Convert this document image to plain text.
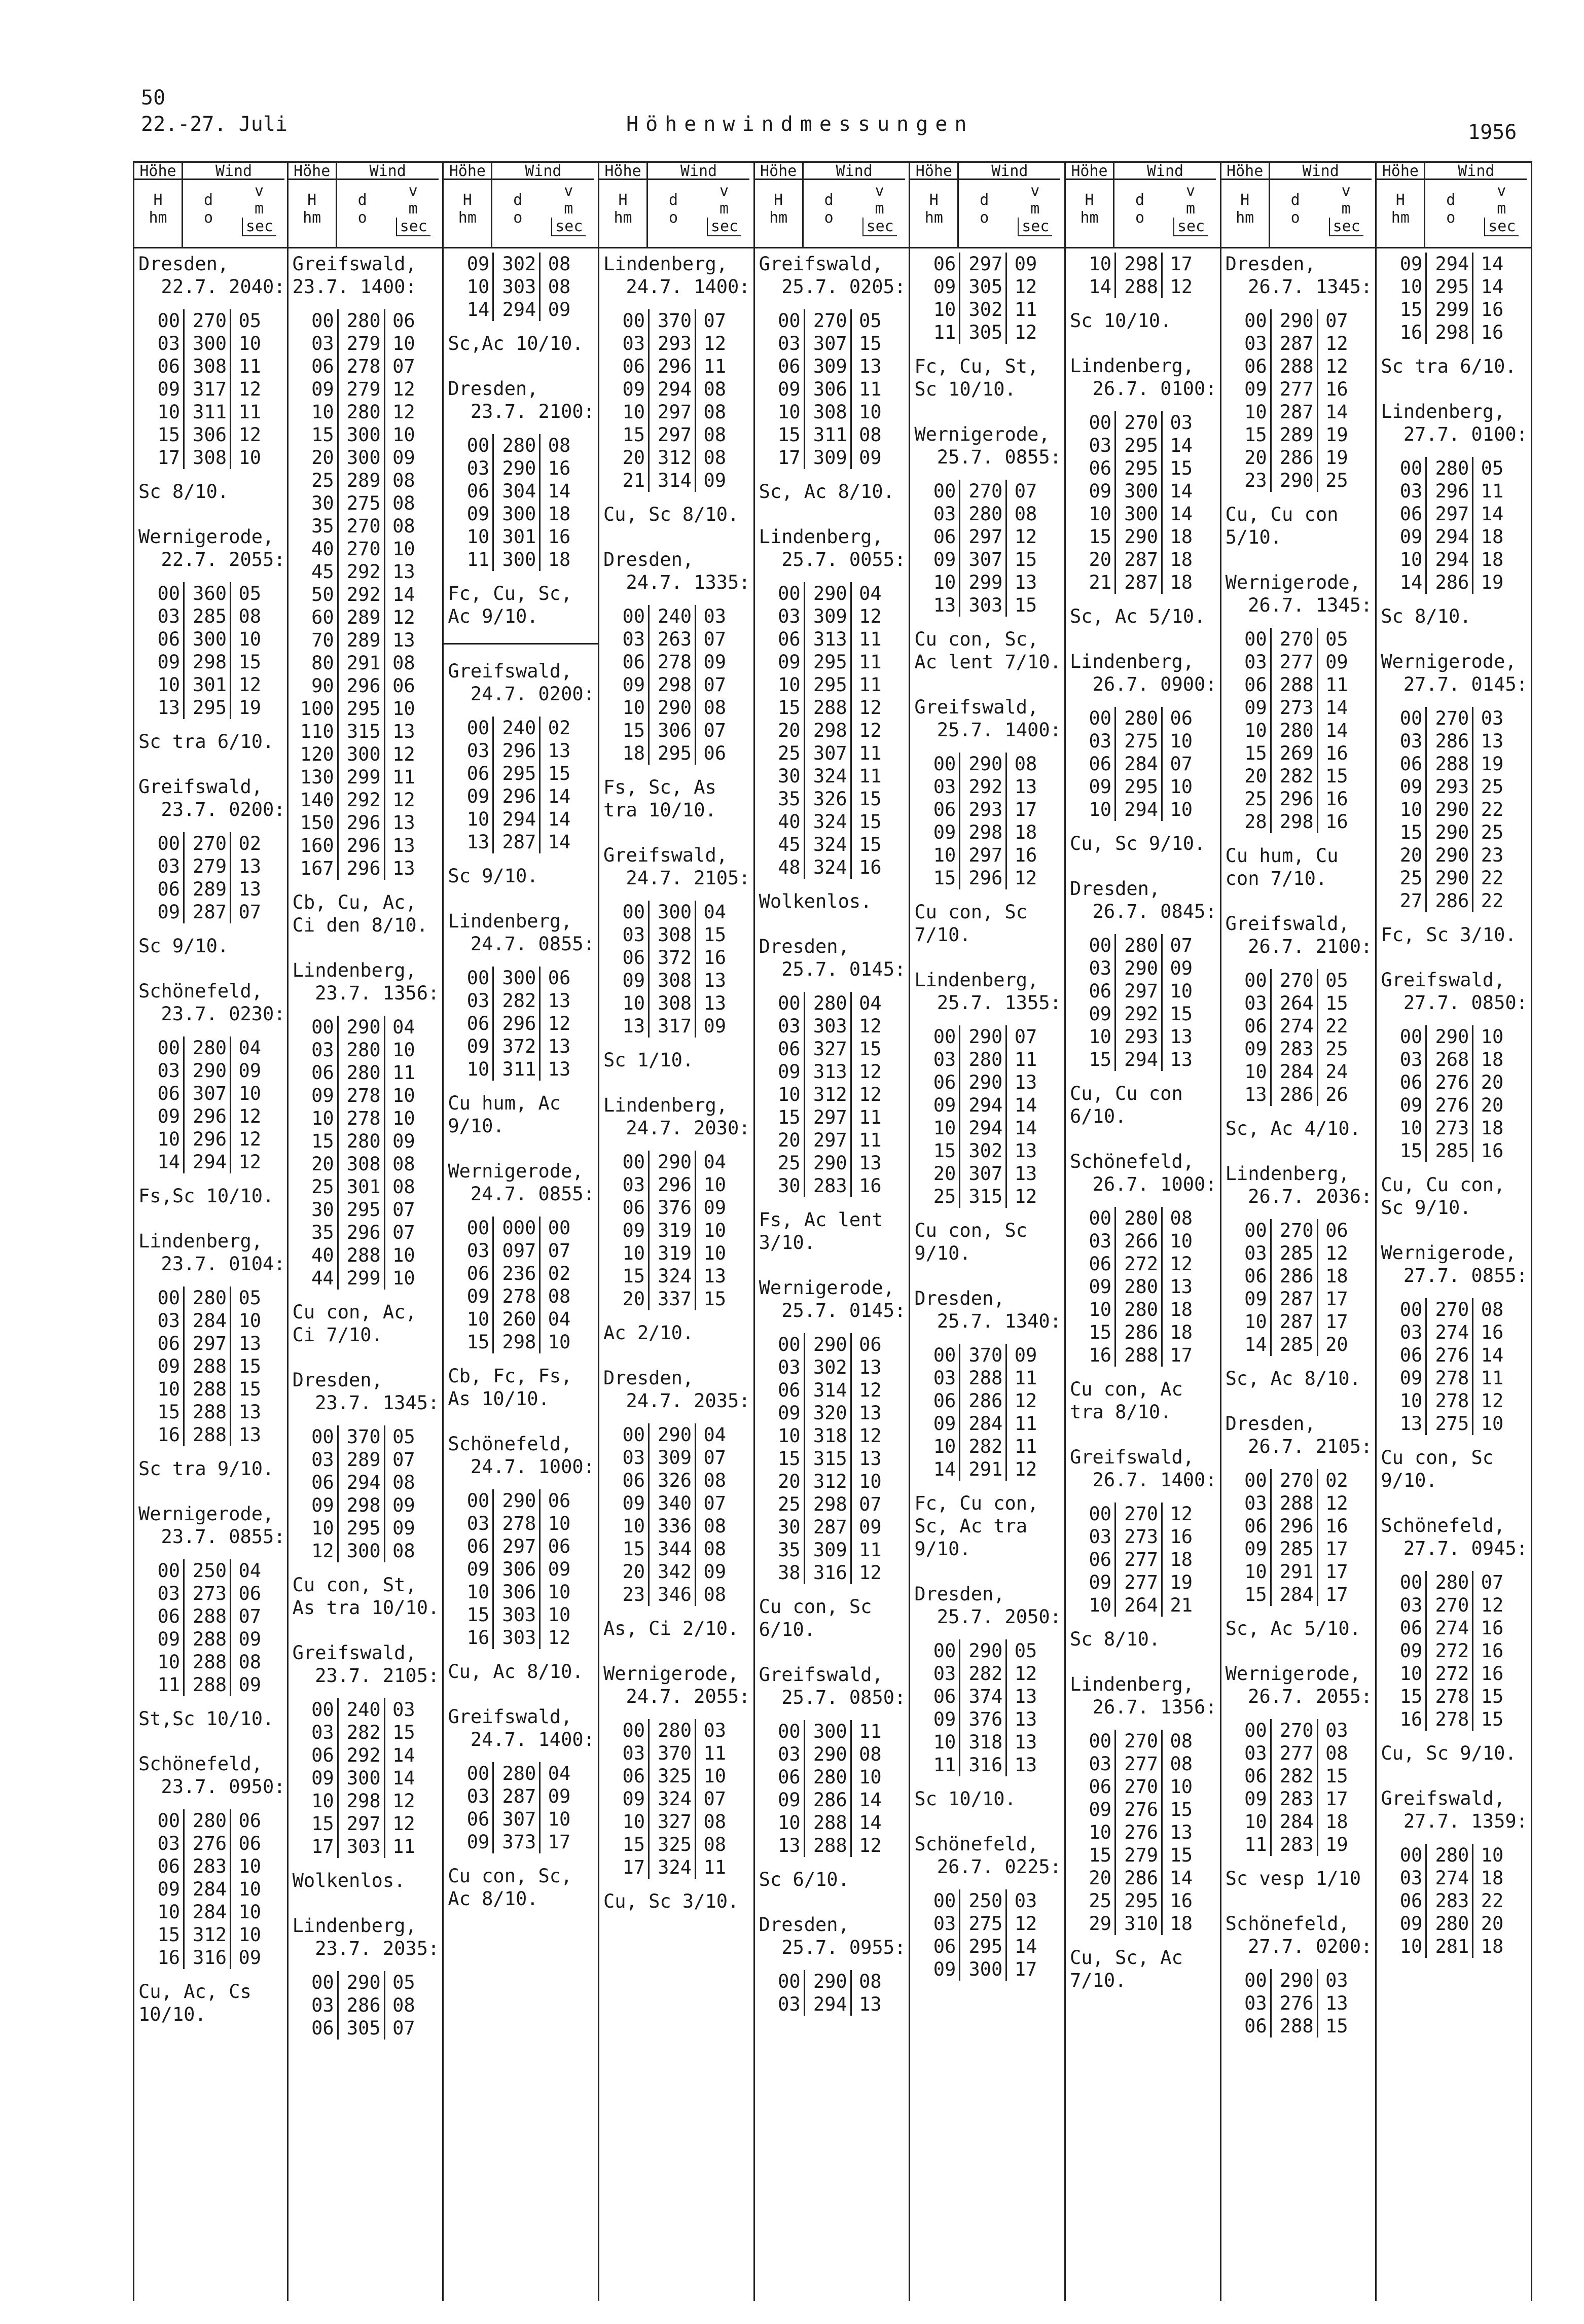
50
22.-27. Juli	Höhenwindmessungen	1956
Höhe	Wind
H
hm
d
o
v
m
sec
Dresden,
22.7. 2040:
00 270 05
03 300 10
06 308 11
09 317 12
10 311 11
15 306 12
17 308 10
Sc 8/10.
Wernigerode,
22.7. 2055:
00 360 05
03 285 08
06 300 10
09 298 15
10 301 12
13 295 19
Sc tra 6/10.
Greifswald,
23.7. 0200:
00 270 02
03 279 13
06 289 13
09 287 07
Sc 9/10.
Schönefeld,
23.7. 0230:
00 280 04
03 290 09
06 307 10
09 296 12
10 296 12
14 294 12
Fs,Sc 10/10.
Lindenberg,
23.7. 0104:
00 280 05
03 284 10
06 297 13
09 288 15
10 288 15
15 288 13
16 288 13
Sc tra 9/10.
Wernigerode,
23.7. 0855:
00 250 04
03 273 06
06 288 07
09 288 09
10 288 08
11 288 09
St,Sc 10/10.
Schönefeld,
23.7. 0950:
00 280 06
03 276 06
06 283 10
09 284 10
10 284 10
15 312 10
16 316 09
Cu, Ac, Cs
10/10.
Höhe	Wind
H
hm
d
o
v
m
sec
Greifswald,
23.7. 1400:
00 280 06
03 279 10
06 278 07
09 279 12
10 280 12
15 300 10
20 300 09
25 289 08
30 275 08
35 270 08
40 270 10
45 292 13
50 292 14
60 289 12
70 289 13
80 291 08
90 296 06
100 295 10
110 315 13
120 300 12
130 299 11
140 292 12
150 296 13
160 296 13
167 296 13
Cb, Cu, Ac,
Ci den 8/10.
Lindenberg,
23.7. 1356:
00 290 04
03 280 10
06 280 11
09 278 10
10 278 10
15 280 09
20 308 08
25 301 08
30 295 07
35 296 07
40 288 10
44 299 10
Cu con, Ac,
Ci 7/10.
Dresden,
23.7. 1345:
00 370 05
03 289 07
06 294 08
09 298 09
10 295 09
12 300 08
Cu con, St,
As tra 10/10.
Greifswald,
23.7. 2105:
00 240 03
03 282 15
06 292 14
09 300 14
10 298 12
15 297 12
17 303 11
Wolkenlos.
Lindenberg,
23.7. 2035:
00 290 05
03 286 08
06 305 07
Höhe	Wind
H
hm
d
o
v
m
sec
09 302 08
10 303 08
14 294 09
Sc,Ac 10/10.
Dresden,
23.7. 2100:
00 280 08
03 290 16
06 304 14
09 300 18
10 301 16
11 300 18
Fc, Cu, Sc,
Ac 9/10.
Greifswald,
24.7. 0200:
00 240 02
03 296 13
06 295 15
09 296 14
10 294 14
13 287 14
Sc 9/10.
Lindenberg,
24.7. 0855:
00 300 06
03 282 13
06 296 12
09 372 13
10 311 13
Cu hum, Ac
9/10.
Wernigerode,
24.7. 0855:
00 000 00
03 097 07
06 236 02
09 278 08
10 260 04
15 298 10
Cb, Fc, Fs,
As 10/10.
Schönefeld,
24.7. 1000:
00 290 06
03 278 10
06 297 06
09 306 09
10 306 10
15 303 10
16 303 12
Cu, Ac 8/10.
Greifswald,
24.7. 1400:
00 280 04
03 287 09
06 307 10
09 373 17
Cu con, Sc,
Ac 8/10.
Höhe	Wind
H
hm
d
o
v
m
sec
Lindenberg,
24.7. 1400:
00 370 07
03 293 12
06 296 11
09 294 08
10 297 08
15 297 08
20 312 08
21 314 09
Cu, Sc 8/10.
Dresden,
24.7. 1335:
00 240 03
03 263 07
06 278 09
09 298 07
10 290 08
15 306 07
18 295 06
Fs, Sc, As
tra 10/10.
Greifswald,
24.7. 2105:
00 300 04
03 308 15
06 372 16
09 308 13
10 308 13
13 317 09
Sc 1/10.
Lindenberg,
24.7. 2030:
00 290 04
03 296 10
06 376 09
09 319 10
10 319 10
15 324 13
20 337 15
Ac 2/10.
Dresden,
24.7. 2035:
00 290 04
03 309 07
06 326 08
09 340 07
10 336 08
15 344 08
20 342 09
23 346 08
As, Ci 2/10.
Wernigerode,
24.7. 2055:
00 280 03
03 370 11
06 325 10
09 324 07
10 327 08
15 325 08
17 324 11
Cu, Sc 3/10.
Höhe	Wind
H
hm
d
o
v
m
sec
Greifswald,
25.7. 0205:
00 270 05
03 307 15
06 309 13
09 306 11
10 308 10
15 311 08
17 309 09
Sc, Ac 8/10.
Lindenberg,
25.7. 0055:
00 290 04
03 309 12
06 313 11
09 295 11
10 295 11
15 288 12
20 298 12
25 307 11
30 324 11
35 326 15
40 324 15
45 324 15
48 324 16
Wolkenlos.
Dresden,
25.7. 0145:
00 280 04
03 303 12
06 327 15
09 313 12
10 312 12
15 297 11
20 297 11
25 290 13
30 283 16
Fs, Ac lent
3/10.
Wernigerode,
25.7. 0145:
00 290 06
03 302 13
06 314 12
09 320 13
10 318 12
15 315 13
20 312 10
25 298 07
30 287 09
35 309 11
38 316 12
Cu con, Sc
6/10.
Greifswald,
25.7. 0850:
00 300 11
03 290 08
06 280 10
09 286 14
10 288 14
13 288 12
Sc 6/10.
Dresden,
25.7. 0955:
00 290 08
03 294 13
Höhe	Wind
H
hm
d
o
v
m
sec
06 297 09
09 305 12
10 302 11
11 305 12
Fc, Cu, St,
Sc 10/10.
Wernigerode,
25.7. 0855:
00 270 07
03 280 08
06 297 12
09 307 15
10 299 13
13 303 15
Cu con, Sc,
Ac lent 7/10.
Greifswald,
25.7. 1400:
00 290 08
03 292 13
06 293 17
09 298 18
10 297 16
15 296 12
Cu con, Sc
7/10.
Lindenberg,
25.7. 1355:
00 290 07
03 280 11
06 290 13
09 294 14
10 294 14
15 302 13
20 307 13
25 315 12
Cu con, Sc
9/10.
Dresden,
25.7. 1340:
00 370 09
03 288 11
06 286 12
09 284 11
10 282 11
14 291 12
Fc, Cu con,
Sc, Ac tra
9/10.
Dresden,
25.7. 2050:
00 290 05
03 282 12
06 374 13
09 376 13
10 318 13
11 316 13
Sc 10/10.
Schönefeld,
26.7. 0225:
00 250 03
03 275 12
06 295 14
09 300 17
Höhe	Wind
H
hm
d
o
v
m
sec
10 298 17
14 288 12
Sc 10/10.
Lindenberg,
26.7. 0100:
00 270 03
03 295 14
06 295 15
09 300 14
10 300 14
15 290 18
20 287 18
21 287 18
Sc, Ac 5/10.
Lindenberg,
26.7. 0900:
00 280 06
03 275 10
06 284 07
09 295 10
10 294 10
Cu, Sc 9/10.
Dresden,
26.7. 0845:
00 280 07
03 290 09
06 297 10
09 292 15
10 293 13
15 294 13
Cu, Cu con
6/10.
Schönefeld,
26.7. 1000:
00 280 08
03 266 10
06 272 12
09 280 13
10 280 18
15 286 18
16 288 17
Cu con, Ac
tra 8/10.
Greifswald,
26.7. 1400:
00 270 12
03 273 16
06 277 18
09 277 19
10 264 21
Sc 8/10.
Lindenberg,
26.7. 1356:
00 270 08
03 277 08
06 270 10
09 276 15
10 276 13
15 279 15
20 286 14
25 295 16
29 310 18
Cu, Sc, Ac
7/10.
Höhe	Wind
H
hm
d
o
v
m
sec
Dresden,
26.7. 1345:
00 290 07
03 287 12
06 288 12
09 277 16
10 287 14
15 289 19
20 286 19
23 290 25
Cu, Cu con
5/10.
Wernigerode,
26.7. 1345:
00 270 05
03 277 09
06 288 11
09 273 14
10 280 14
15 269 16
20 282 15
25 296 16
28 298 16
Cu hum, Cu
con 7/10.
Greifswald,
26.7. 2100:
00 270 05
03 264 15
06 274 22
09 283 25
10 284 24
13 286 26
Sc, Ac 4/10.
Lindenberg,
26.7. 2036:
00 270 06
03 285 12
06 286 18
09 287 17
10 287 17
14 285 20
Sc, Ac 8/10.
Dresden,
26.7. 2105:
00 270 02
03 288 12
06 296 16
09 285 17
10 291 17
15 284 17
Sc, Ac 5/10.
Wernigerode,
26.7. 2055:
00 270 03
03 277 08
06 282 15
09 283 17
10 284 18
11 283 19
Sc vesp 1/10
Schönefeld,
27.7. 0200:
00 290 03
03 276 13
06 288 15
Höhe	Wind
H
hm
d
o
v
m
sec
09 294 14
10 295 14
15 299 16
16 298 16
Sc tra 6/10.
Lindenberg,
27.7. 0100:
00 280 05
03 296 11
06 297 14
09 294 18
10 294 18
14 286 19
Sc 8/10.
Wernigerode,
27.7. 0145:
00 270 03
03 286 13
06 288 19
09 293 25
10 290 22
15 290 25
20 290 23
25 290 22
27 286 22
Fc, Sc 3/10.
Greifswald,
27.7. 0850:
00 290 10
03 268 18
06 276 20
09 276 20
10 273 18
15 285 16
Cu, Cu con,
Sc 9/10.
Wernigerode,
27.7. 0855:
00 270 08
03 274 16
06 276 14
09 278 11
10 278 12
13 275 10
Cu con, Sc
9/10.
Schönefeld,
27.7. 0945:
00 280 07
03 270 12
06 274 16
09 272 16
10 272 16
15 278 15
16 278 15
Cu, Sc 9/10.
Greifswald,
27.7. 1359:
00 280 10
03 274 18
06 283 22
09 280 20
10 281 18
